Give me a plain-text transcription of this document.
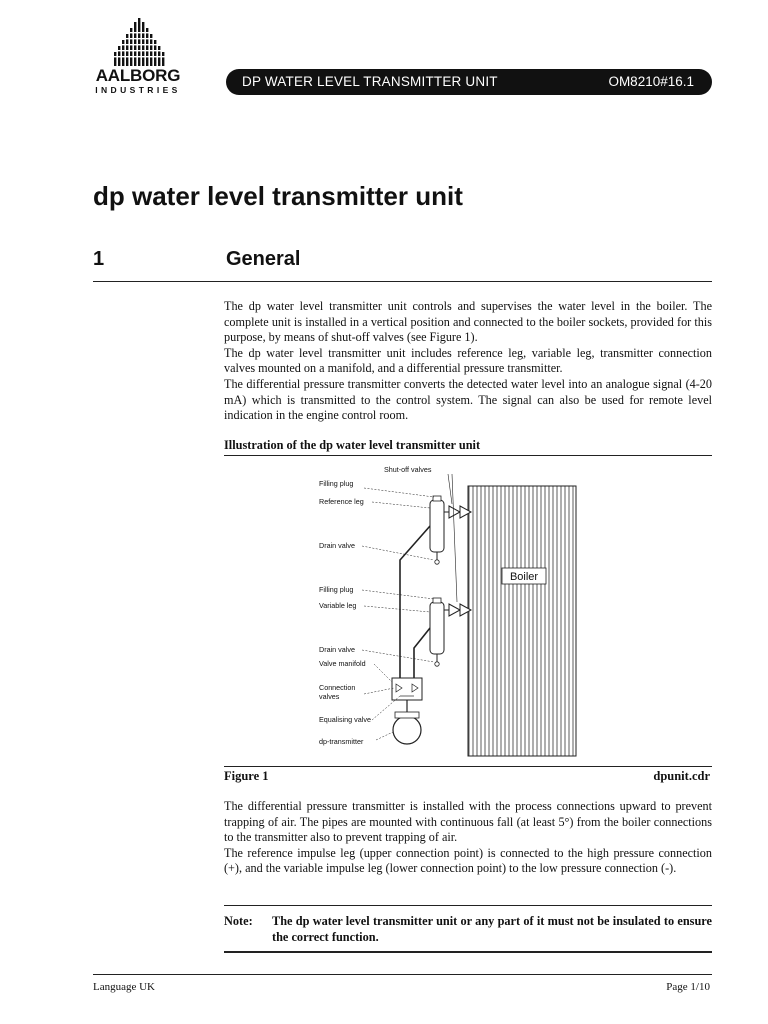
AALBORG
INDUSTRIES
DP WATER LEVEL TRANSMITTER UNIT	OM8210#16.1
dp water level transmitter unit
1	General

The dp water level transmitter unit controls and supervises the water level in the boiler. The complete unit is installed in a vertical position and connected to the boiler sockets, provided for this purpose, by means of shut-off valves (see Figure 1).

The dp water level transmitter unit includes reference leg, variable leg, transmitter connection valves mounted on a manifold, and a differential pressure transmitter.

The differential pressure transmitter converts the detected water level into an analogue signal (4-20 mA) which is transmitted to the control system. The signal can also be used for remote level indication in the engine control room.

Illustration of the dp water level transmitter unit
Boiler
Shut-off valves
Filling plug
Reference leg
Drain valve
Filling plug
Variable leg
Drain valve
Valve manifold
Connection
valves
Equalising valve
dp-transmitter
Figure 1	dpunit.cdr

The differential pressure transmitter is installed with the process connections upward to prevent trapping of air. The pipes are mounted with continuous fall (at least 5°) from the boiler connections to the transmitter also to prevent trapping of air.

The reference impulse leg (upper connection point) is connected to the high pressure connection (+), and the variable impulse leg (lower connection point) to the low pressure connection (-).

Note: The dp water level transmitter unit or any part of it must not be insulated to ensure the correct function.
Language UK	Page 1/10
